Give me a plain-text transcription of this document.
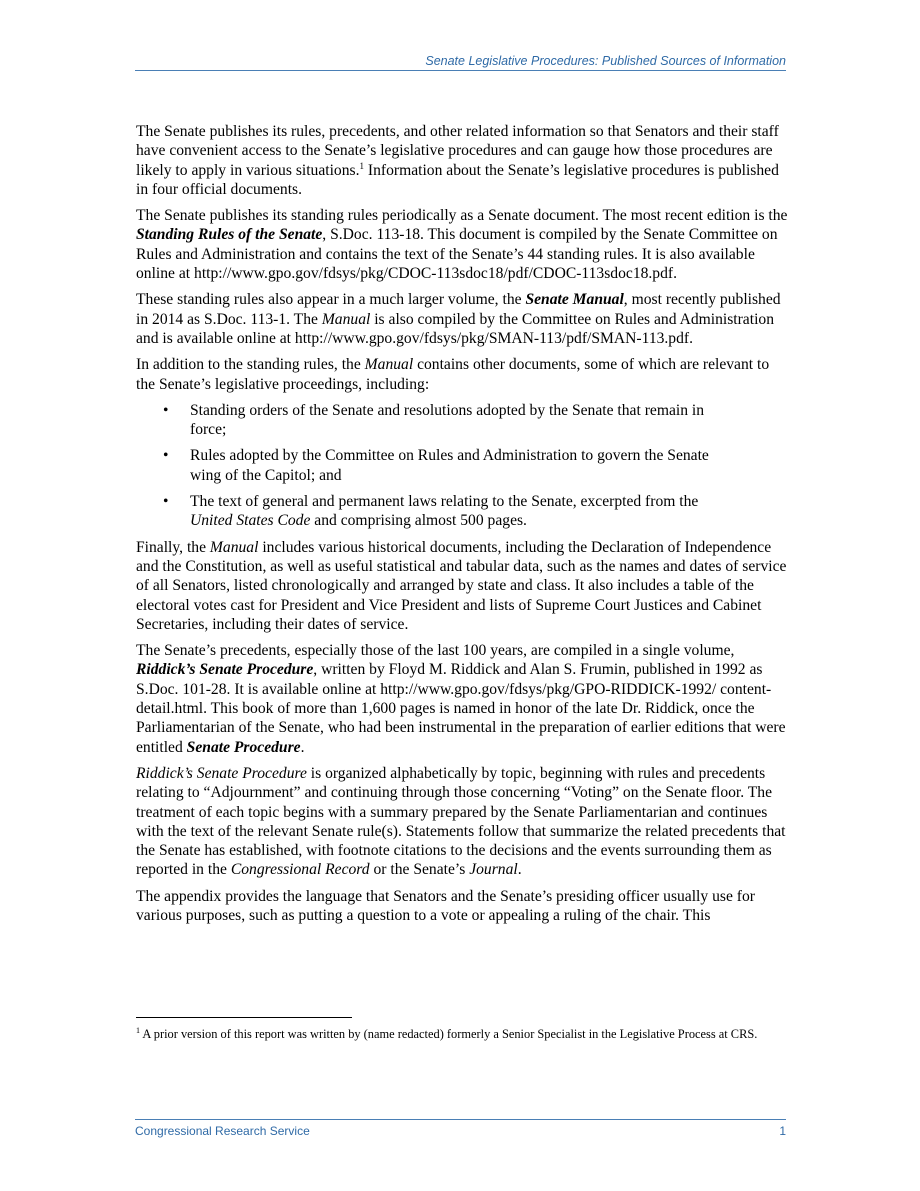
Senate Legislative Procedures: Published Sources of Information

The Senate publishes its rules, precedents, and other related information so that Senators and their staff have convenient access to the Senate’s legislative procedures and can gauge how those procedures are likely to apply in various situations.$^1$ Information about the Senate’s legislative procedures is published in four official documents.

The Senate publishes its standing rules periodically as a Senate document. The most recent edition is the Standing Rules of the Senate, S.Doc. 113-18. This document is compiled by the Senate Committee on Rules and Administration and contains the text of the Senate’s 44 standing rules. It is also available online at http://www.gpo.gov/fdsys/pkg/CDOC-113sdoc18/pdf/CDOC-113sdoc18.pdf.

These standing rules also appear in a much larger volume, the Senate Manual, most recently published in 2014 as S.Doc. 113-1. The Manual is also compiled by the Committee on Rules and Administration and is available online at http://www.gpo.gov/fdsys/pkg/SMAN-113/pdf/SMAN-113.pdf.

In addition to the standing rules, the Manual contains other documents, some of which are relevant to the Senate’s legislative proceedings, including:

• Standing orders of the Senate and resolutions adopted by the Senate that remain in force;
• Rules adopted by the Committee on Rules and Administration to govern the Senate wing of the Capitol; and
• The text of general and permanent laws relating to the Senate, excerpted from the United States Code and comprising almost 500 pages.

Finally, the Manual includes various historical documents, including the Declaration of Independence and the Constitution, as well as useful statistical and tabular data, such as the names and dates of service of all Senators, listed chronologically and arranged by state and class. It also includes a table of the electoral votes cast for President and Vice President and lists of Supreme Court Justices and Cabinet Secretaries, including their dates of service.

The Senate’s precedents, especially those of the last 100 years, are compiled in a single volume, Riddick’s Senate Procedure, written by Floyd M. Riddick and Alan S. Frumin, published in 1992 as S.Doc. 101-28. It is available online at http://www.gpo.gov/fdsys/pkg/GPO-RIDDICK-1992/ content-detail.html. This book of more than 1,600 pages is named in honor of the late Dr. Riddick, once the Parliamentarian of the Senate, who had been instrumental in the preparation of earlier editions that were entitled Senate Procedure.

Riddick’s Senate Procedure is organized alphabetically by topic, beginning with rules and precedents relating to “Adjournment” and continuing through those concerning “Voting” on the Senate floor. The treatment of each topic begins with a summary prepared by the Senate Parliamentarian and continues with the text of the relevant Senate rule(s). Statements follow that summarize the related precedents that the Senate has established, with footnote citations to the decisions and the events surrounding them as reported in the Congressional Record or the Senate’s Journal.

The appendix provides the language that Senators and the Senate’s presiding officer usually use for various purposes, such as putting a question to a vote or appealing a ruling of the chair. This

$^1$ A prior version of this report was written by (name redacted) formerly a Senior Specialist in the Legislative Process at CRS.
Congressional Research Service	1
